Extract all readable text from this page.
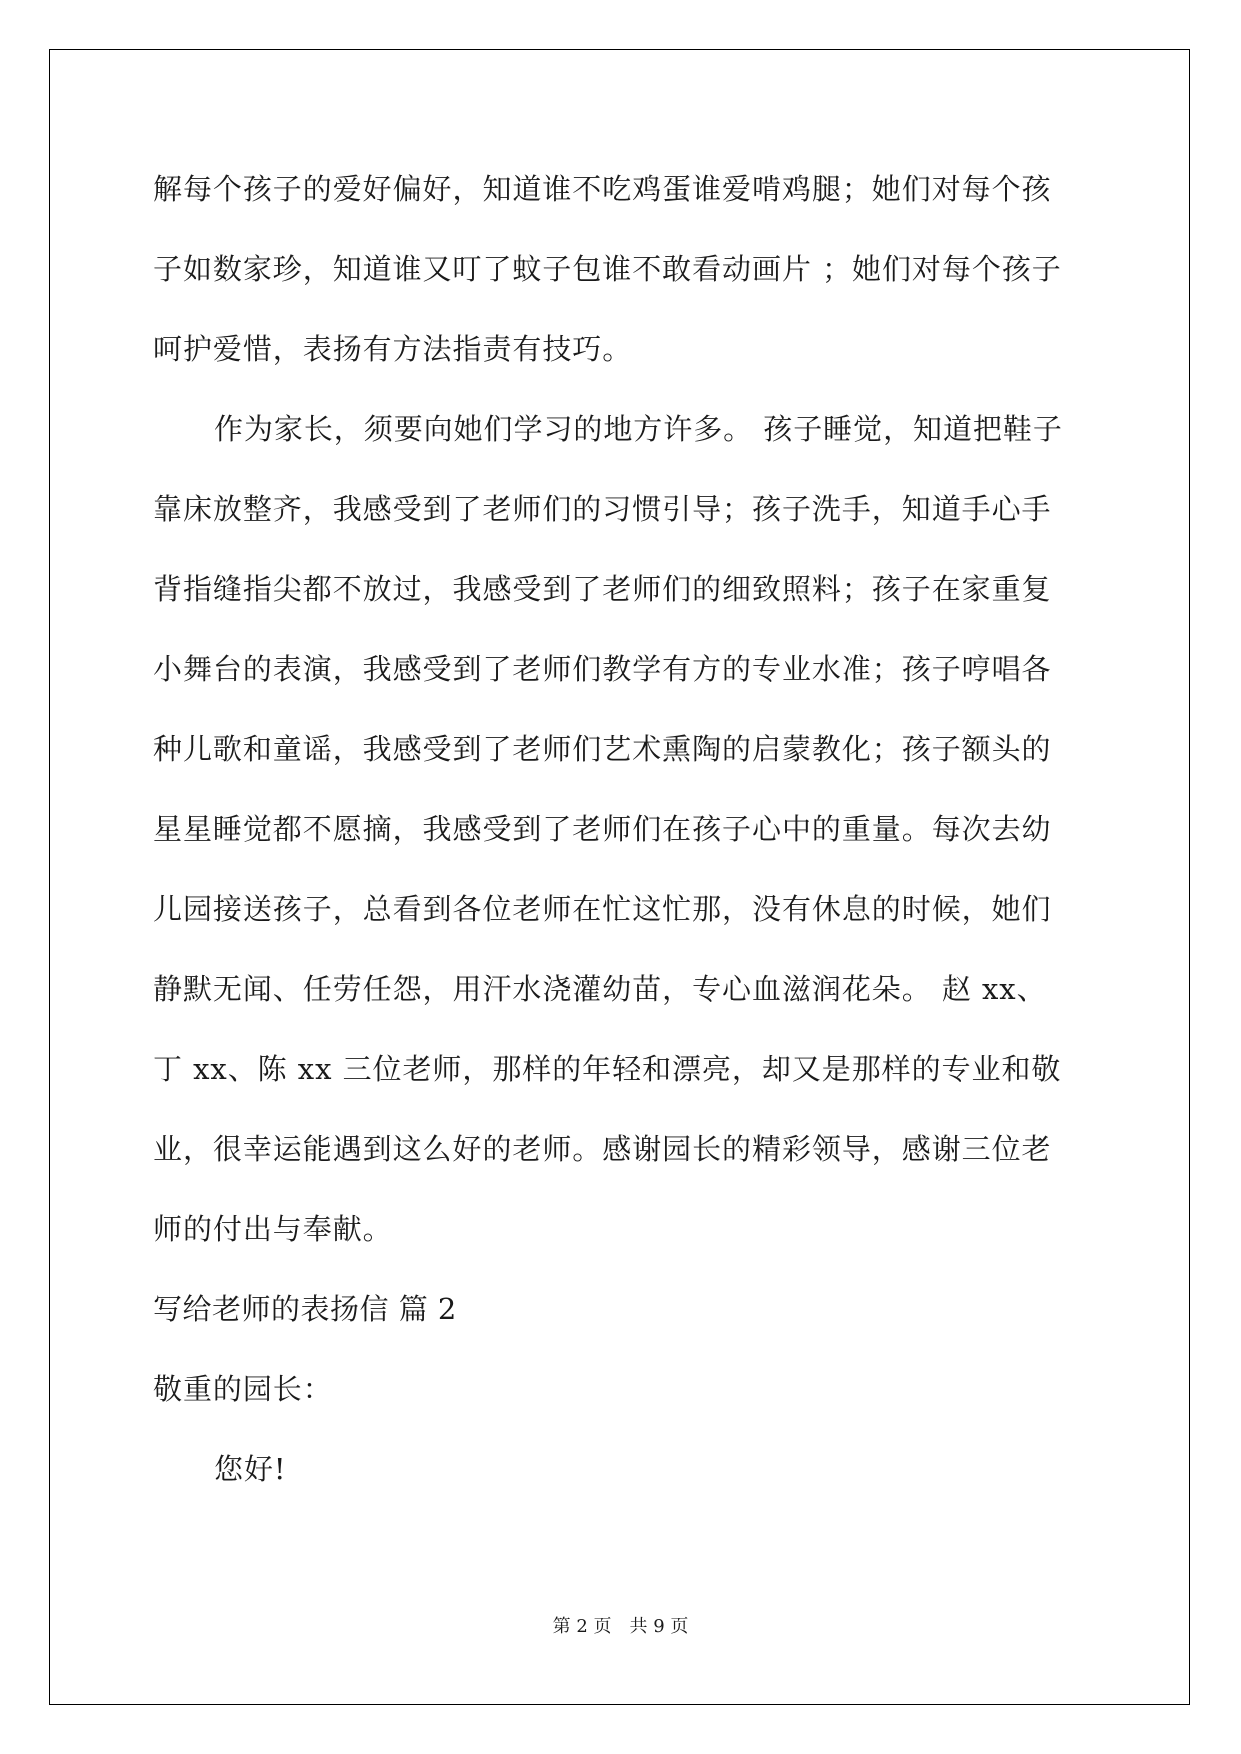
解每个孩子的爱好偏好，知道谁不吃鸡蛋谁爱啃鸡腿；她们对每个孩
子如数家珍，知道谁又叮了蚊子包谁不敢看动画片 ；她们对每个孩子
呵护爱惜，表扬有方法指责有技巧。
作为家长，须要向她们学习的地方许多。 孩子睡觉，知道把鞋子
靠床放整齐，我感受到了老师们的习惯引导；孩子洗手，知道手心手
背指缝指尖都不放过，我感受到了老师们的细致照料；孩子在家重复
小舞台的表演，我感受到了老师们教学有方的专业水准；孩子哼唱各
种儿歌和童谣，我感受到了老师们艺术熏陶的启蒙教化；孩子额头的
星星睡觉都不愿摘，我感受到了老师们在孩子心中的重量。每次去幼
儿园接送孩子，总看到各位老师在忙这忙那，没有休息的时候，她们
静默无闻、任劳任怨，用汗水浇灌幼苗，专心血滋润花朵。 赵 xx、
丁 xx、陈 xx 三位老师，那样的年轻和漂亮，却又是那样的专业和敬
业，很幸运能遇到这么好的老师。感谢园长的精彩领导，感谢三位老
师的付出与奉献。
写给老师的表扬信 篇 2
敬重的园长：
您好!
第 2 页 共 9 页
